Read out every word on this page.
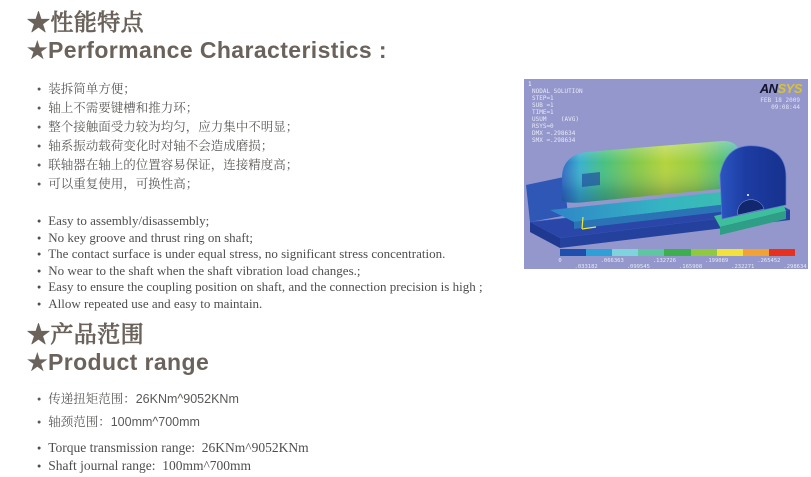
★性能特点
★Performance Characteristics :
● 装拆简单方便；
● 轴上不需要键槽和推力环；
● 整个接触面受力较为均匀，应力集中不明显；
● 轴系振动载荷变化时对轴不会造成磨损；
● 联轴器在轴上的位置容易保证，连接精度高；
● 可以重复使用，可换性高；
● Easy to assembly/disassembly;
● No key groove and thrust ring on shaft;
● The contact surface is under equal stress, no significant stress concentration.
● No wear to the shaft when the shaft vibration load changes.;
● Easy to ensure the coupling position on shaft, and the connection precision is high ;
● Allow repeated use and easy to maintain.
★产品范围
★Product range
● 传递扭矩范围：26KNm^9052KNm
● 轴颈范围：100mm^700mm
● Torque transmission range:  26KNm^9052KNm
● Shaft journal range:  100mm^700mm
1
NODAL SOLUTION
STEP=1
SUB =1
TIME=1
USUM    (AVG)
RSYS=0
DMX =.298634
SMX =.298634
ANSYS
FEB 18 2009
09:08:44
0
.033182
.066363
.099545
.132726
.165908
.199089
.232271
.265452
.298634
